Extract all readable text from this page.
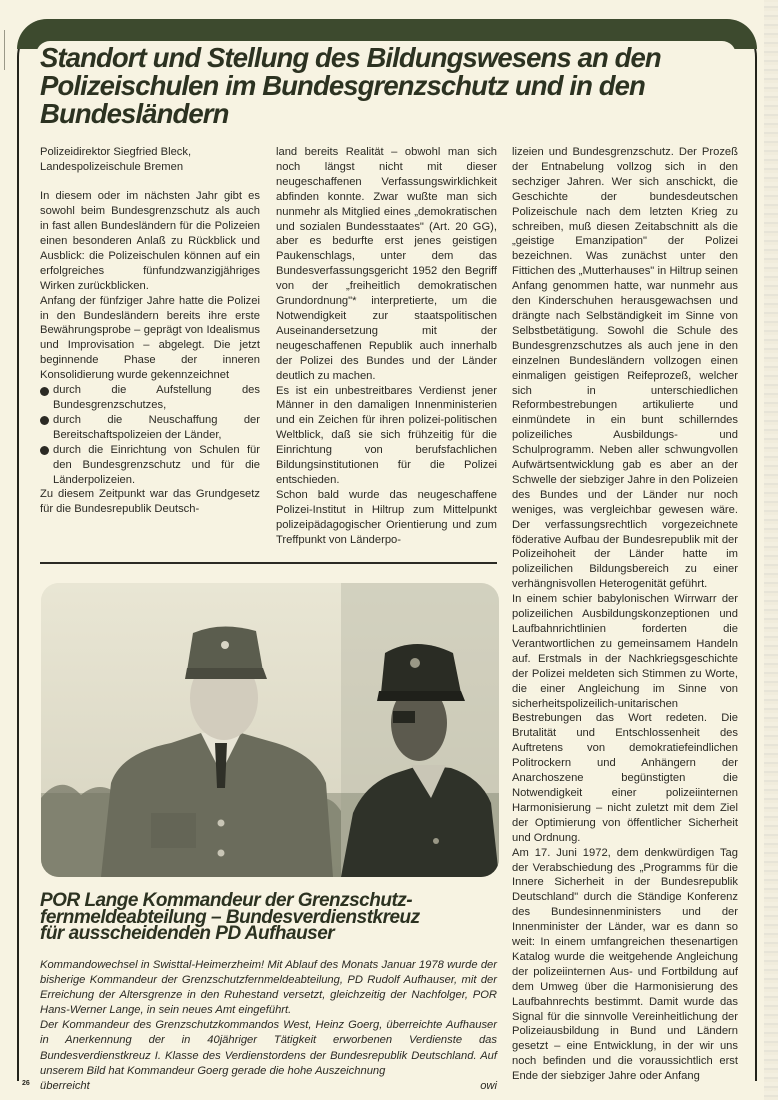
Standort und Stellung des Bildungswesens an den
Polizeischulen im Bundesgrenzschutz und in den
Bundesländern
Polizeidirektor Siegfried Bleck,
Landespolizeischule Bremen

In diesem oder im nächsten Jahr gibt es sowohl beim Bundesgrenzschutz als auch in fast allen Bundesländern für die Polizeien einen besonderen Anlaß zu Rückblick und Ausblick: die Polizeischulen können auf ein erfolgreiches fünfundzwanzigjähriges Wirken zurückblicken.

Anfang der fünfziger Jahre hatte die Polizei in den Bundesländern bereits ihre erste Bewährungsprobe – geprägt von Idealismus und Improvisation – abgelegt. Die jetzt beginnende Phase der inneren Konsolidierung wurde gekennzeichnet

durch die Aufstellung des Bundesgrenzschutzes,
durch die Neuschaffung der Bereitschaftspolizeien der Länder,
durch die Einrichtung von Schulen für den Bundesgrenzschutz und für die Länderpolizeien.

Zu diesem Zeitpunkt war das Grundgesetz für die Bundesrepublik Deutsch-

land bereits Realität – obwohl man sich noch längst nicht mit dieser neugeschaffenen Verfassungswirklichkeit abfinden konnte. Zwar wußte man sich nunmehr als Mitglied eines „demokratischen und sozialen Bundesstaates" (Art. 20 GG), aber es bedurfte erst jenes geistigen Paukenschlags, unter dem das Bundesverfassungsgericht 1952 den Begriff von der „freiheitlich demokratischen Grundordnung"* interpretierte, um die Notwendigkeit zur staatspolitischen Auseinandersetzung mit der neugeschaffenen Republik auch innerhalb der Polizei des Bundes und der Länder deutlich zu machen.

Es ist ein unbestreitbares Verdienst jener Männer in den damaligen Innenministerien und ein Zeichen für ihren polizei-politischen Weltblick, daß sie sich frühzeitig für die Einrichtung von berufsfachlichen Bildungsinstitutionen für die Polizei entschieden.

Schon bald wurde das neugeschaffene Polizei-Institut in Hiltrup zum Mittelpunkt polizeipädagogischer Orientierung und zum Treffpunkt von Länderpo-

lizeien und Bundesgrenzschutz. Der Prozeß der Entnabelung vollzog sich in den sechziger Jahren. Wer sich anschickt, die Geschichte der bundesdeutschen Polizeischule nach dem letzten Krieg zu schreiben, muß diesen Zeitabschnitt als die „geistige Emanzipation" der Polizei bezeichnen. Was zunächst unter den Fittichen des „Mutterhauses" in Hiltrup seinen Anfang genommen hatte, war nunmehr aus den Kinderschuhen herausgewachsen und drängte nach Selbständigkeit im Sinne von Selbstbetätigung. Sowohl die Schule des Bundesgrenzschutzes als auch jene in den einzelnen Bundesländern vollzogen einen einmaligen geistigen Reifeprozeß, welcher sich in unterschiedlichen Reformbestrebungen artikulierte und einmündete in ein bunt schillerndes polizeiliches Ausbildungs- und Schulprogramm. Neben aller schwungvollen Aufwärtsentwicklung gab es aber an der Schwelle der siebziger Jahre in den Polizeien des Bundes und der Länder nur noch weniges, was vergleichbar gewesen wäre. Der verfassungsrechtlich vorgezeichnete föderative Aufbau der Bundesrepublik mit der Polizeihoheit der Länder hatte im polizeilichen Bildungsbereich zu einer verhängnisvollen Heterogenität geführt.

In einem schier babylonischen Wirrwarr der polizeilichen Ausbildungskonzeptionen und Laufbahnrichtlinien forderten die Verantwortlichen zu gemeinsamem Handeln auf. Erstmals in der Nachkriegsgeschichte der Polizei meldeten sich Stimmen zu Worte, die einer Angleichung im Sinne von sicherheitspolizeilich-unitarischen Bestrebungen das Wort redeten. Die Brutalität und Entschlossenheit des Auftretens von demokratiefeindlichen Politrockern und Anhängern der Anarchoszene begünstigten die Notwendigkeit einer polizeiinternen Harmonisierung – nicht zuletzt mit dem Ziel der Optimierung von öffentlicher Sicherheit und Ordnung.

Am 17. Juni 1972, dem denkwürdigen Tag der Verabschiedung des „Programms für die Innere Sicherheit in der Bundesrepublik Deutschland" durch die Ständige Konferenz des Bundesinnenministers und der Innenminister der Länder, war es dann so weit: In einem umfangreichen thesenartigen Katalog wurde die weitgehende Angleichung der polizeiinternen Aus- und Fortbildung auf dem Umweg über die Harmonisierung des Laufbahnrechts bestimmt. Damit wurde das Signal für die sinnvolle Vereinheitlichung der Polizeiausbildung in Bund und Ländern gesetzt – eine Entwicklung, in der wir uns noch befinden und die voraussichtlich erst Ende der siebziger Jahre oder Anfang

POR Lange Kommandeur der Grenzschutz-
fernmeldeabteilung – Bundesverdienstkreuz
für ausscheidenden PD Aufhauser

Kommandowechsel in Swisttal-Heimerzheim! Mit Ablauf des Monats Januar 1978 wurde der bisherige Kommandeur der Grenzschutzfernmeldeabteilung, PD Rudolf Aufhauser, mit der Erreichung der Altersgrenze in den Ruhestand versetzt, gleichzeitig der Nachfolger, POR Hans-Werner Lange, in sein neues Amt eingeführt.

Der Kommandeur des Grenzschutzkommandos West, Heinz Goerg, überreichte Aufhauser in Anerkennung der in 40jähriger Tätigkeit erworbenen Verdienste das Bundesverdienstkreuz I. Klasse des Verdienstordens der Bundesrepublik Deutschland. Auf unserem Bild hat Kommandeur Goerg gerade die hohe Auszeichnung

überreicht	owi
26
